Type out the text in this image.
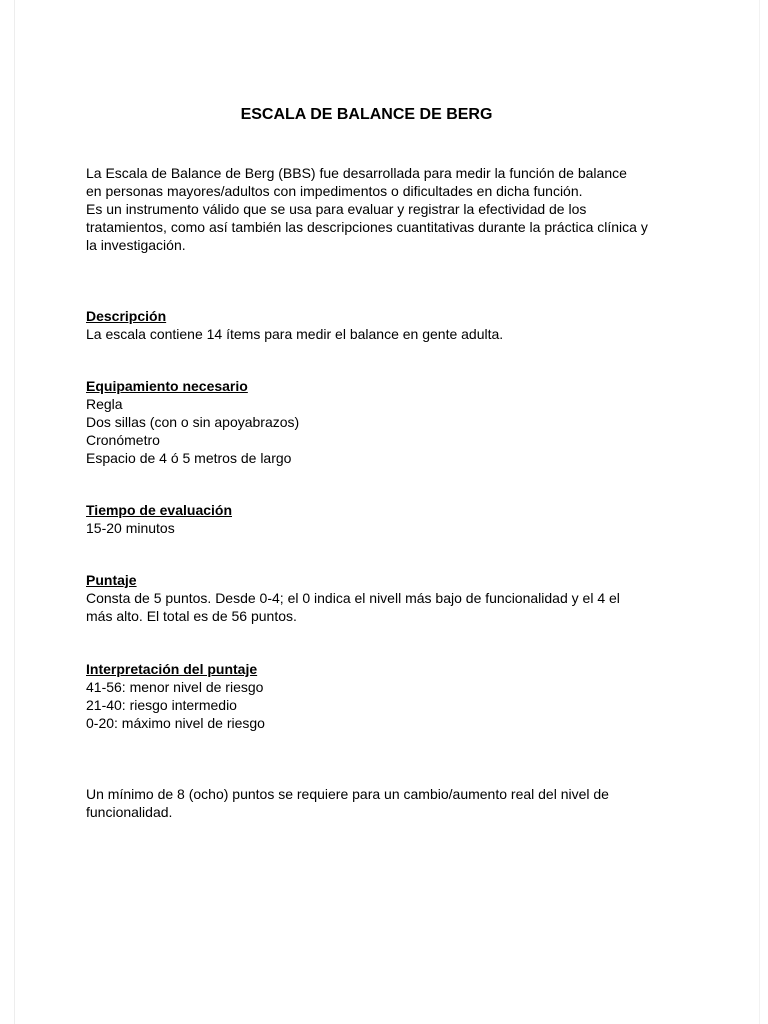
ESCALA DE BALANCE DE BERG
La Escala de Balance de Berg (BBS) fue desarrollada para medir la función de balance
en personas mayores/adultos con impedimentos o dificultades en dicha función.
Es un instrumento válido que se usa para evaluar y registrar la efectividad de los
tratamientos, como así también las descripciones cuantitativas durante la práctica clínica y
la investigación.

Descripción

La escala contiene 14 ítems para medir el balance en gente adulta.

Equipamiento necesario

Regla
Dos sillas (con o sin apoyabrazos)
Cronómetro
Espacio de 4 ó 5 metros de largo

Tiempo de evaluación

15-20 minutos

Puntaje

Consta de 5 puntos. Desde 0-4; el 0 indica el nivell más bajo de funcionalidad y el 4 el
más alto. El total es de 56 puntos.

Interpretación del puntaje

41-56: menor nivel de riesgo
21-40: riesgo intermedio
0-20: máximo nivel de riesgo
Un mínimo de 8 (ocho) puntos se requiere para un cambio/aumento real del nivel de
funcionalidad.
